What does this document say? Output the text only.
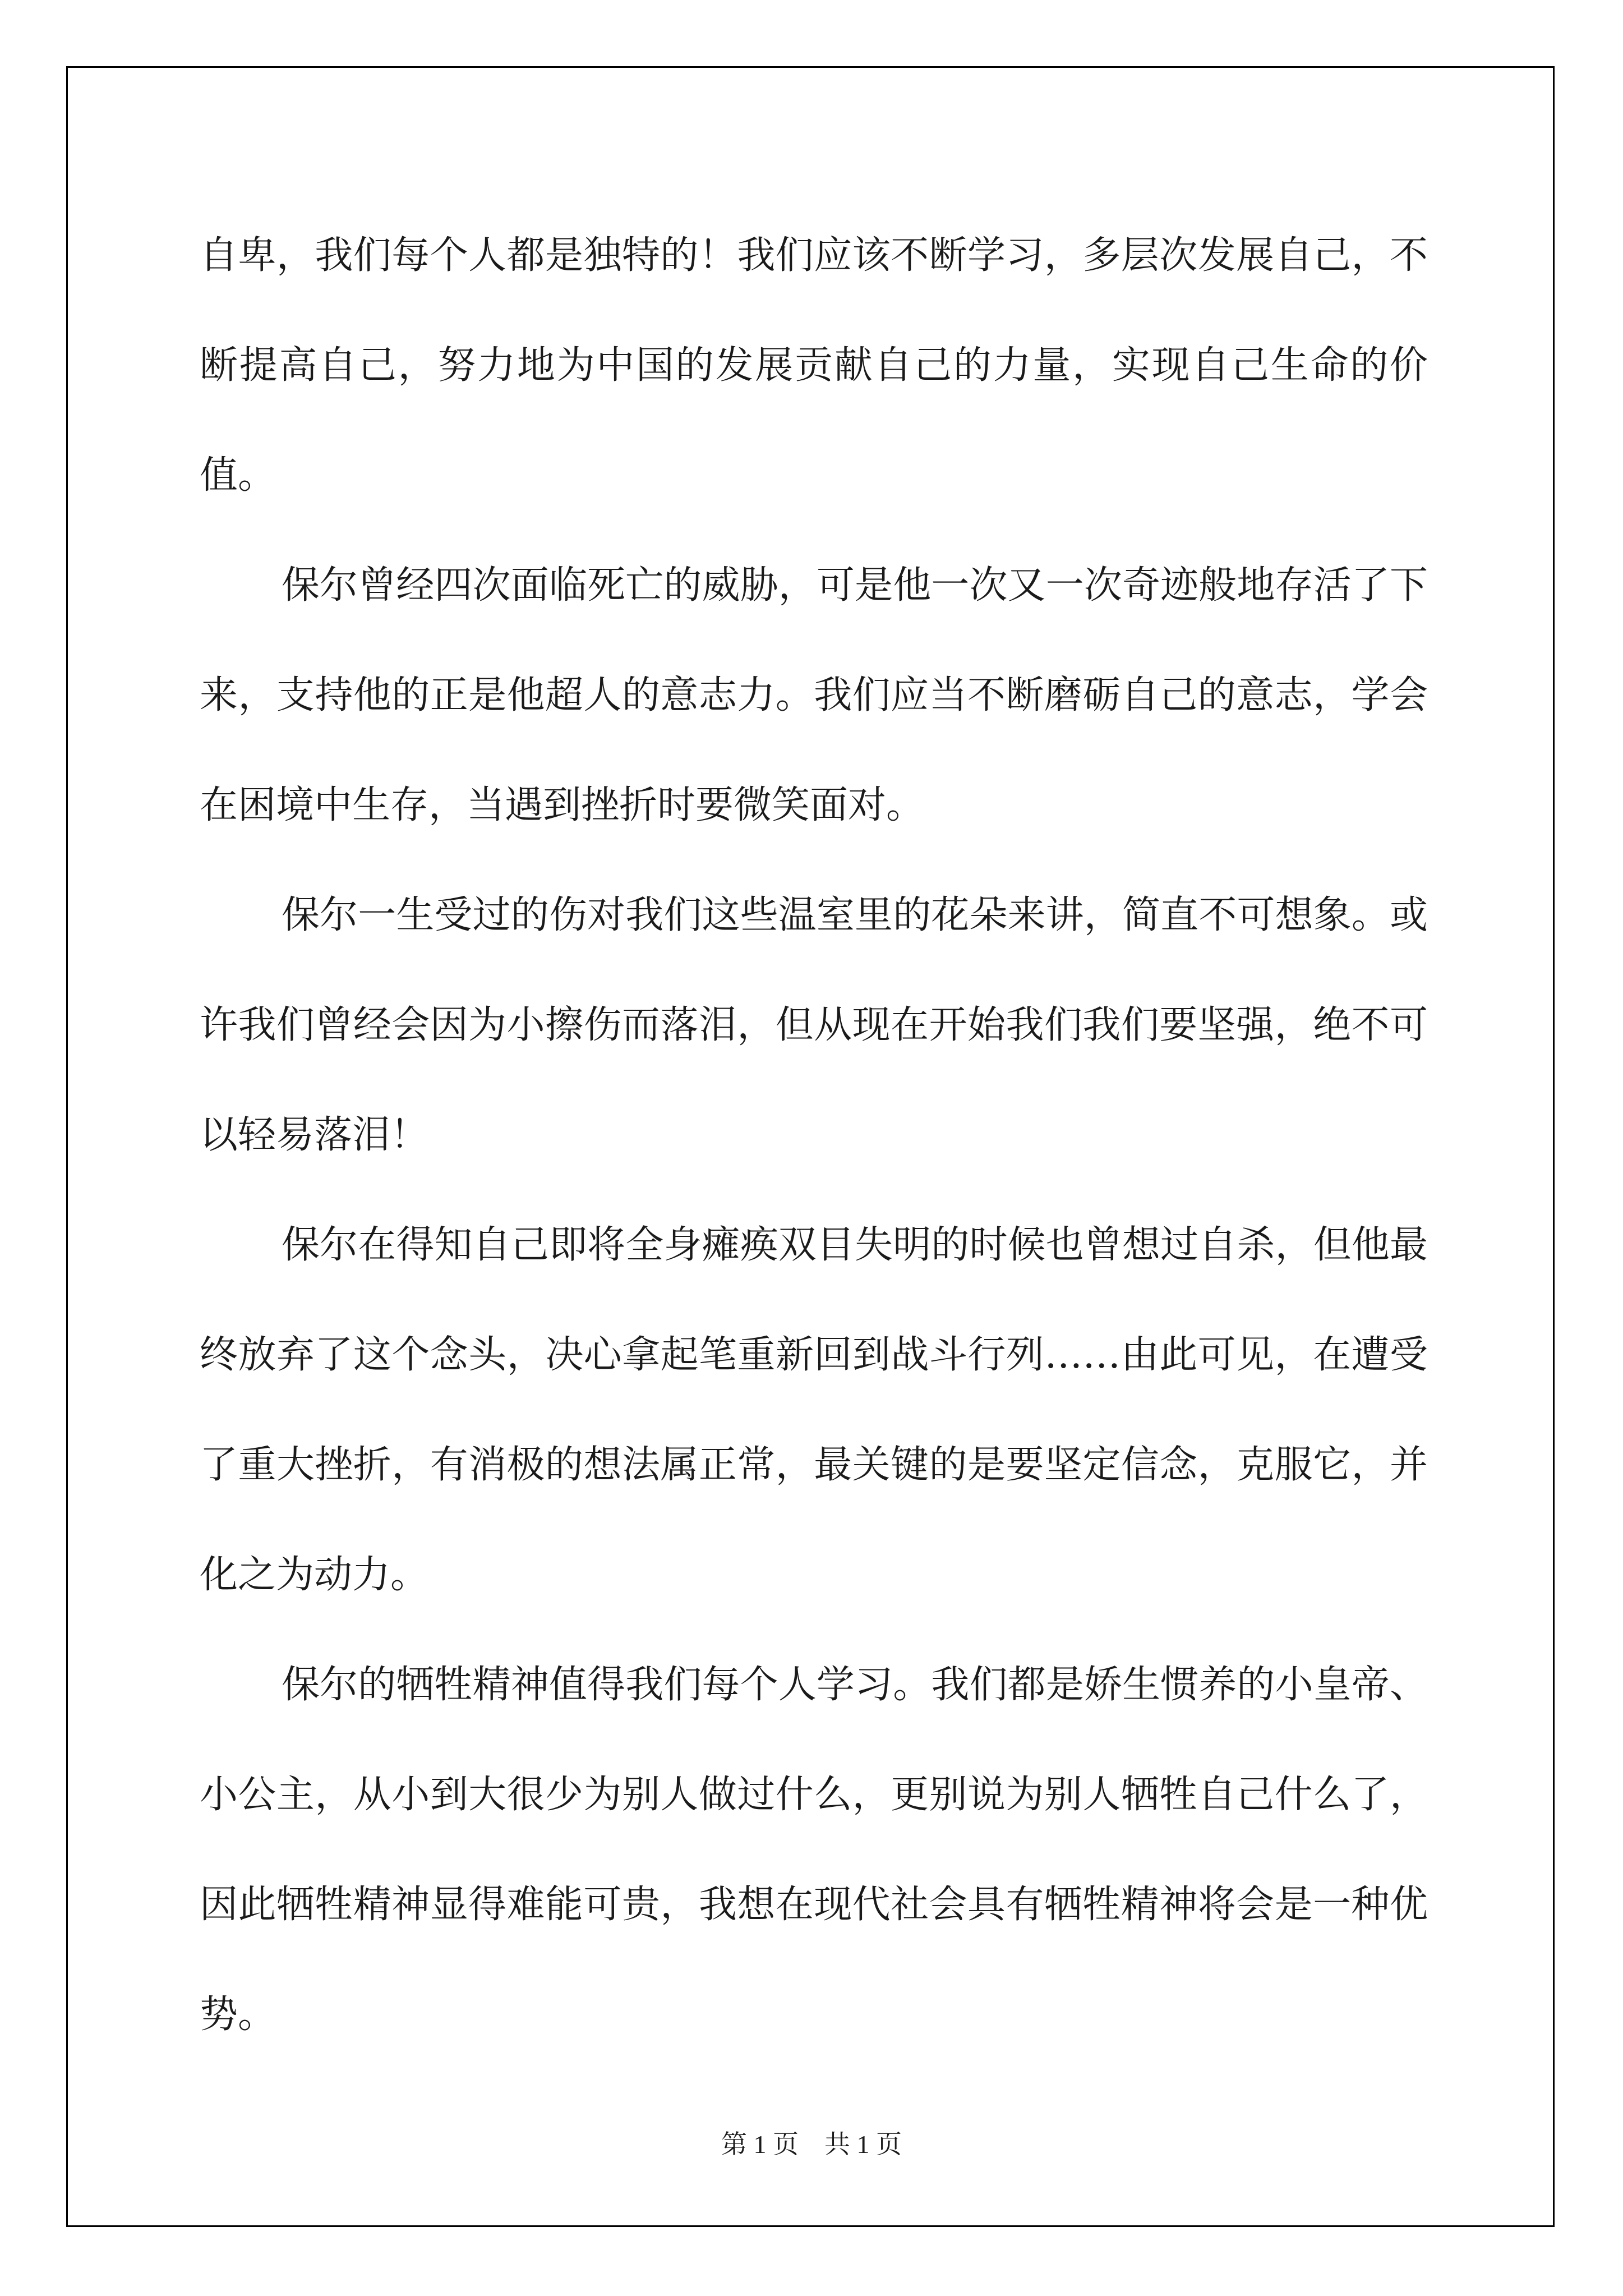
自卑，我们每个人都是独特的！我们应该不断学习，多层次发展自己，不断提高自己，努力地为中国的发展贡献自己的力量，实现自己生命的价值。

保尔曾经四次面临死亡的威胁，可是他一次又一次奇迹般地存活了下来，支持他的正是他超人的意志力。我们应当不断磨砺自己的意志，学会在困境中生存，当遇到挫折时要微笑面对。

保尔一生受过的伤对我们这些温室里的花朵来讲，简直不可想象。或许我们曾经会因为小擦伤而落泪，但从现在开始我们我们要坚强，绝不可以轻易落泪！

保尔在得知自己即将全身瘫痪双目失明的时候也曾想过自杀，但他最终放弃了这个念头，决心拿起笔重新回到战斗行列……由此可见，在遭受了重大挫折，有消极的想法属正常，最关键的是要坚定信念，克服它，并化之为动力。

保尔的牺牲精神值得我们每个人学习。我们都是娇生惯养的小皇帝、小公主，从小到大很少为别人做过什么，更别说为别人牺牲自己什么了，因此牺牲精神显得难能可贵，我想在现代社会具有牺牲精神将会是一种优势。

第 1 页 共 1 页
